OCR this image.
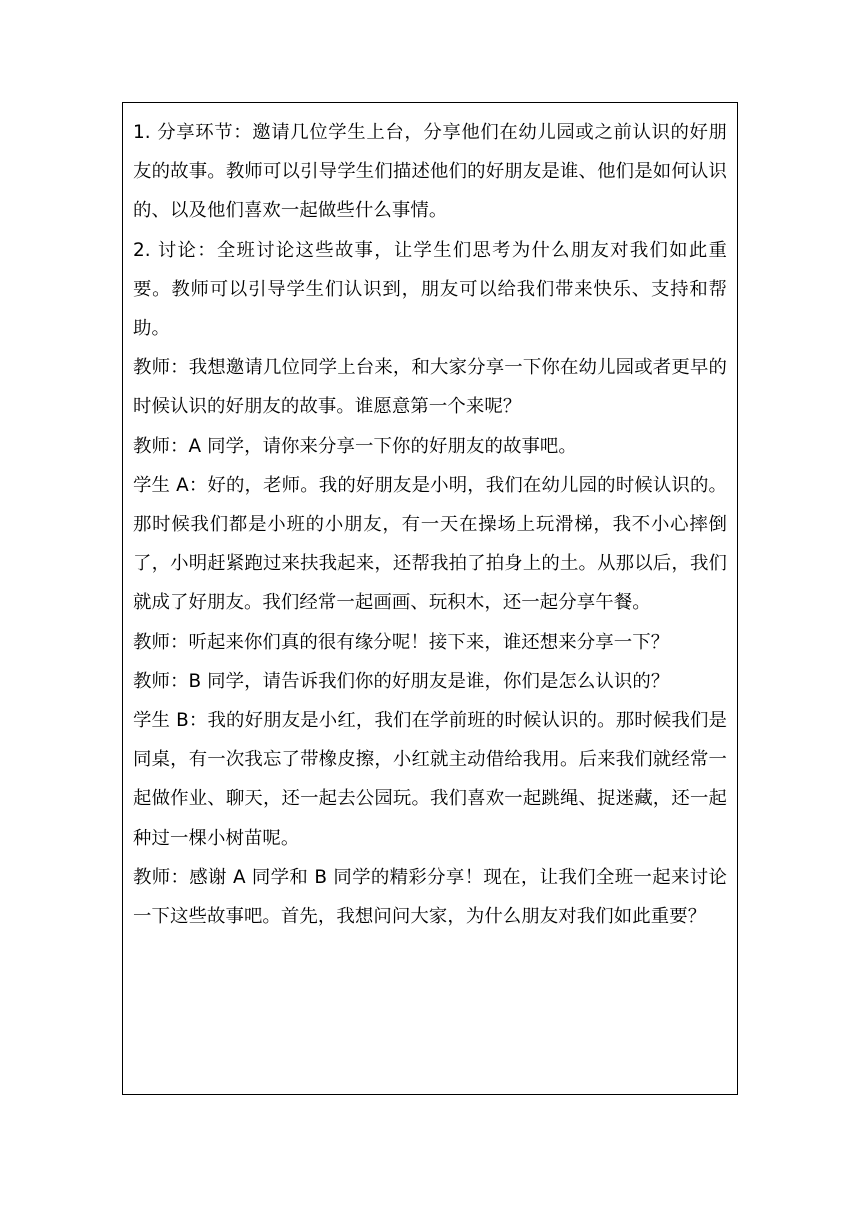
1. 分享环节：邀请几位学生上台，分享他们在幼儿园或之前认识的好朋友的故事。教师可以引导学生们描述他们的好朋友是谁、他们是如何认识的、以及他们喜欢一起做些什么事情。

2. 讨论：全班讨论这些故事，让学生们思考为什么朋友对我们如此重要。教师可以引导学生们认识到，朋友可以给我们带来快乐、支持和帮助。

教师：我想邀请几位同学上台来，和大家分享一下你在幼儿园或者更早的时候认识的好朋友的故事。谁愿意第一个来呢？

教师：A 同学，请你来分享一下你的好朋友的故事吧。

学生 A：好的，老师。我的好朋友是小明，我们在幼儿园的时候认识的。那时候我们都是小班的小朋友，有一天在操场上玩滑梯，我不小心摔倒了，小明赶紧跑过来扶我起来，还帮我拍了拍身上的土。从那以后，我们就成了好朋友。我们经常一起画画、玩积木，还一起分享午餐。

教师：听起来你们真的很有缘分呢！接下来，谁还想来分享一下？

教师：B 同学，请告诉我们你的好朋友是谁，你们是怎么认识的？

学生 B：我的好朋友是小红，我们在学前班的时候认识的。那时候我们是同桌，有一次我忘了带橡皮擦，小红就主动借给我用。后来我们就经常一起做作业、聊天，还一起去公园玩。我们喜欢一起跳绳、捉迷藏，还一起种过一棵小树苗呢。

教师：感谢 A 同学和 B 同学的精彩分享！现在，让我们全班一起来讨论一下这些故事吧。首先，我想问问大家，为什么朋友对我们如此重要？
